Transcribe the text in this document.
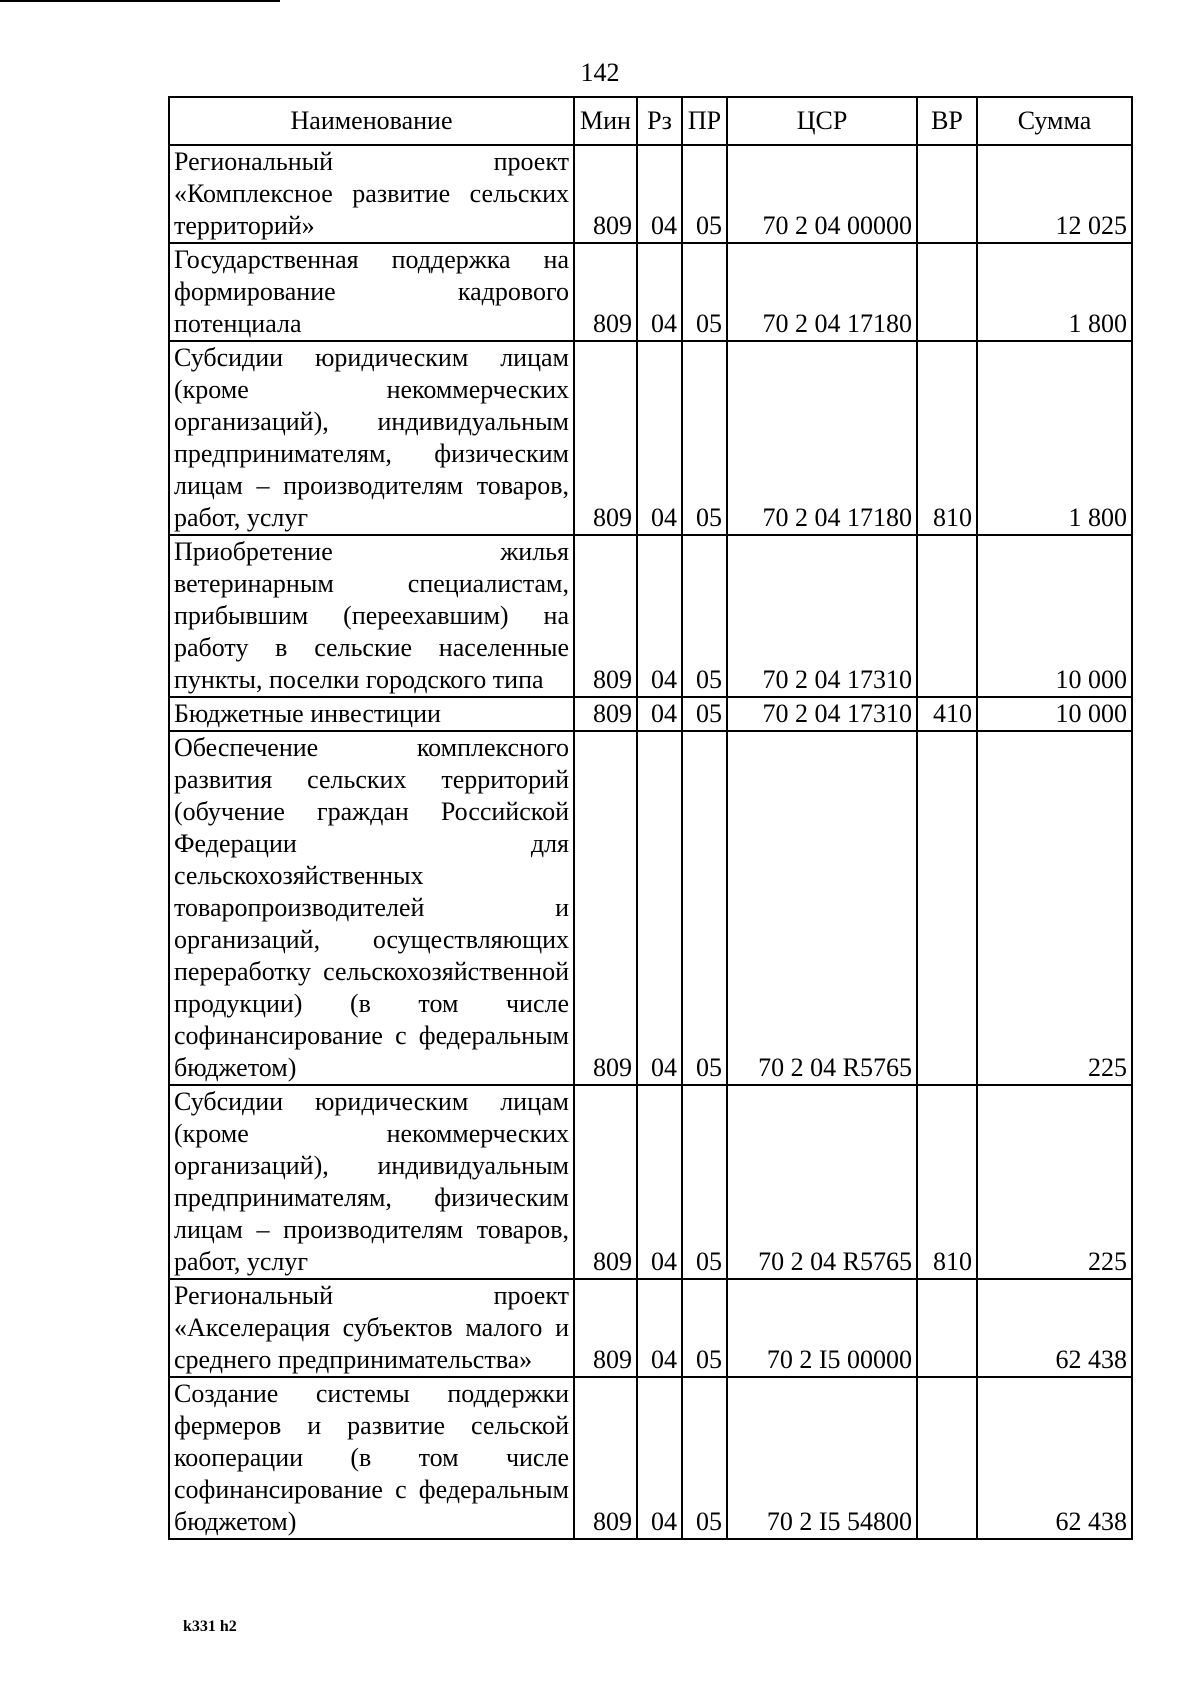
142
Наименование	Мин	Рз	ПР	ЦСР	ВР	Сумма
Региональный проект «Комплексное развитие сельских территорий»	809	04	05	70 2 04 00000		12 025
Государственная поддержка на формирование кадрового потенциала	809	04	05	70 2 04 17180		1 800
Субсидии юридическим лицам (кроме некоммерческих организаций), индивидуальным предпринимателям, физическим лицам – производителям товаров, работ, услуг	809	04	05	70 2 04 17180	810	1 800
Приобретение жилья ветеринарным специалистам, прибывшим (переехавшим) на работу в сельские населенные пункты, поселки городского типа	809	04	05	70 2 04 17310		10 000
Бюджетные инвестиции	809	04	05	70 2 04 17310	410	10 000
Обеспечение комплексного развития сельских территорий (обучение граждан Российской Федерации для сельскохозяйственных товаропроизводителей и организаций, осуществляющих переработку сельскохозяйственной продукции) (в том числе софинансирование с федеральным бюджетом)	809	04	05	70 2 04 R5765		225
Субсидии юридическим лицам (кроме некоммерческих организаций), индивидуальным предпринимателям, физическим лицам – производителям товаров, работ, услуг	809	04	05	70 2 04 R5765	810	225
Региональный проект «Акселерация субъектов малого и среднего предпринимательства»	809	04	05	70 2 I5 00000		62 438
Создание системы поддержки фермеров и развитие сельской кооперации (в том числе софинансирование с федеральным бюджетом)	809	04	05	70 2 I5 54800		62 438
k331 h2
